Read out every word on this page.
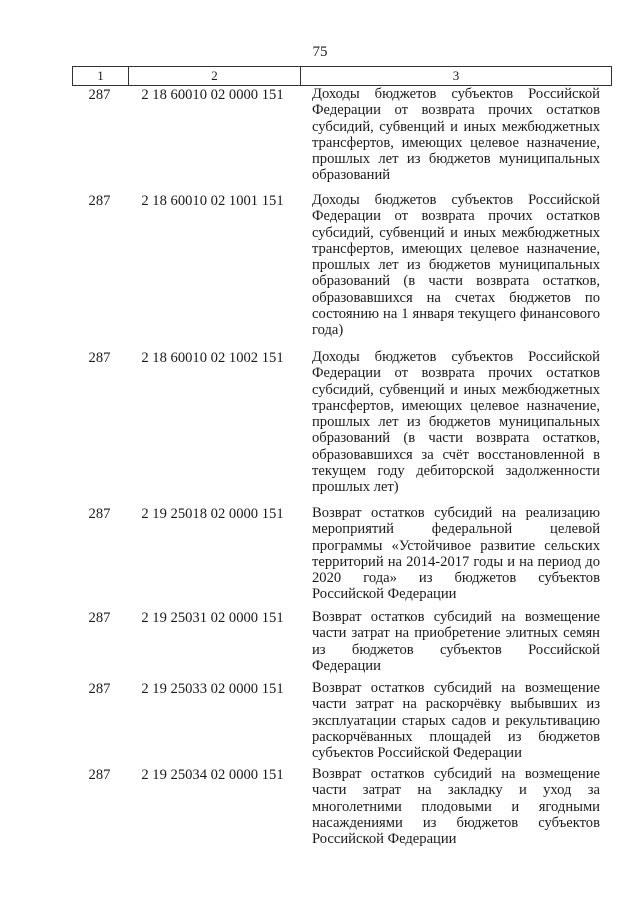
75
1	2	3
287	2 18 60010 02 0000 151	Доходы бюджетов субъектов Российской Федерации от возврата прочих остатков субсидий, субвенций и иных межбюджетных трансфертов, имеющих целевое назначение, прошлых лет из бюджетов муниципальных образований
287	2 18 60010 02 1001 151	Доходы бюджетов субъектов Российской Федерации от возврата прочих остатков субсидий, субвенций и иных межбюджетных трансфертов, имеющих целевое назначение, прошлых лет из бюджетов муниципальных образований (в части возврата остатков, образовавшихся на счетах бюджетов по состоянию на 1 января текущего финансового года)
287	2 18 60010 02 1002 151	Доходы бюджетов субъектов Российской Федерации от возврата прочих остатков субсидий, субвенций и иных межбюджетных трансфертов, имеющих целевое назначение, прошлых лет из бюджетов муниципальных образований (в части возврата остатков, образовавшихся за счёт восстановленной в текущем году дебиторской задолженности прошлых лет)
287	2 19 25018 02 0000 151	Возврат остатков субсидий на реализацию мероприятий федеральной целевой программы «Устойчивое развитие сельских территорий на 2014-2017 годы и на период до 2020 года» из бюджетов субъектов Российской Федерации
287	2 19 25031 02 0000 151	Возврат остатков субсидий на возмещение части затрат на приобретение элитных семян из бюджетов субъектов Российской Федерации
287	2 19 25033 02 0000 151	Возврат остатков субсидий на возмещение части затрат на раскорчёвку выбывших из эксплуатации старых садов и рекультивацию раскорчёванных площадей из бюджетов субъектов Российской Федерации
287	2 19 25034 02 0000 151	Возврат остатков субсидий на возмещение части затрат на закладку и уход за многолетними плодовыми и ягодными насаждениями из бюджетов субъектов Российской Федерации
